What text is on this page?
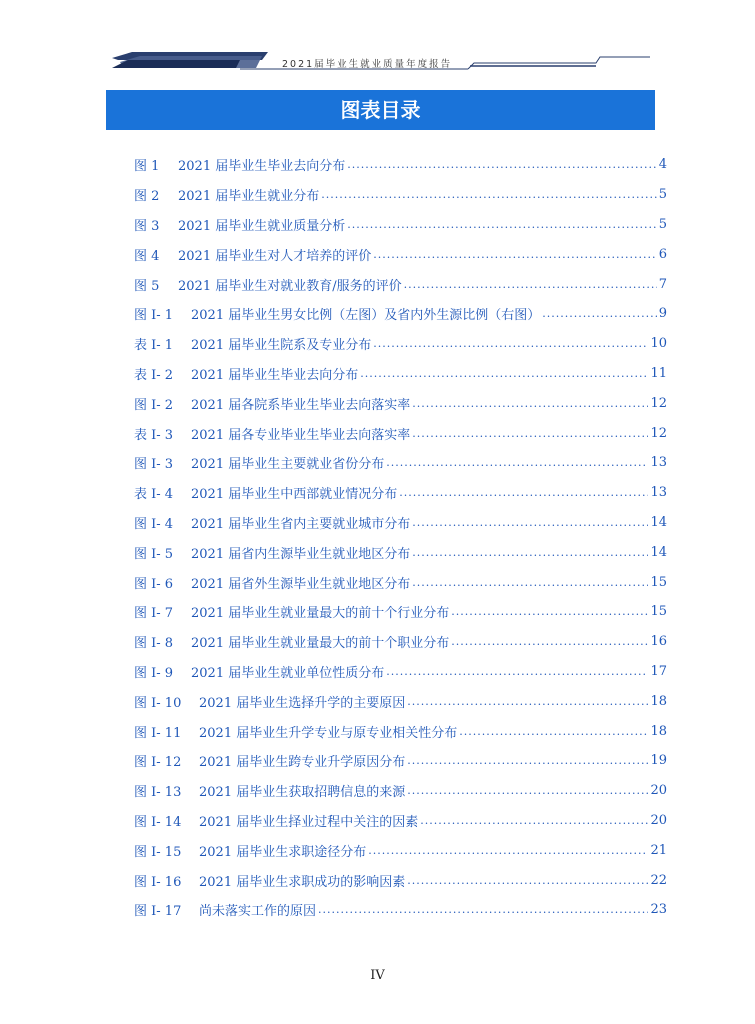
2021届毕业生就业质量年度报告
图表目录
图 1	2021 届毕业生毕业去向分布 .....	4
图 2	2021 届毕业生就业分布 .....	5
图 3	2021 届毕业生就业质量分析 .....	5
图 4	2021 届毕业生对人才培养的评价 .....	6
图 5	2021 届毕业生对就业教育/服务的评价 .....	7
图 I- 1	2021 届毕业生男女比例（左图）及省内外生源比例（右图） .....	9
表 I- 1	2021 届毕业生院系及专业分布 .....	10
表 I- 2	2021 届毕业生毕业去向分布 .....	11
图 I- 2	2021 届各院系毕业生毕业去向落实率 .....	12
表 I- 3	2021 届各专业毕业生毕业去向落实率 .....	12
图 I- 3	2021 届毕业生主要就业省份分布 .....	13
表 I- 4	2021 届毕业生中西部就业情况分布 .....	13
图 I- 4	2021 届毕业生省内主要就业城市分布 .....	14
图 I- 5	2021 届省内生源毕业生就业地区分布 .....	14
图 I- 6	2021 届省外生源毕业生就业地区分布 .....	15
图 I- 7	2021 届毕业生就业量最大的前十个行业分布 .....	15
图 I- 8	2021 届毕业生就业量最大的前十个职业分布 .....	16
图 I- 9	2021 届毕业生就业单位性质分布 .....	17
图 I- 10	2021 届毕业生选择升学的主要原因 .....	18
图 I- 11	2021 届毕业生升学专业与原专业相关性分布 .....	18
图 I- 12	2021 届毕业生跨专业升学原因分布 .....	19
图 I- 13	2021 届毕业生获取招聘信息的来源 .....	20
图 I- 14	2021 届毕业生择业过程中关注的因素 .....	20
图 I- 15	2021 届毕业生求职途径分布 .....	21
图 I- 16	2021 届毕业生求职成功的影响因素 .....	22
图 I- 17	尚未落实工作的原因 .....	23
IV
